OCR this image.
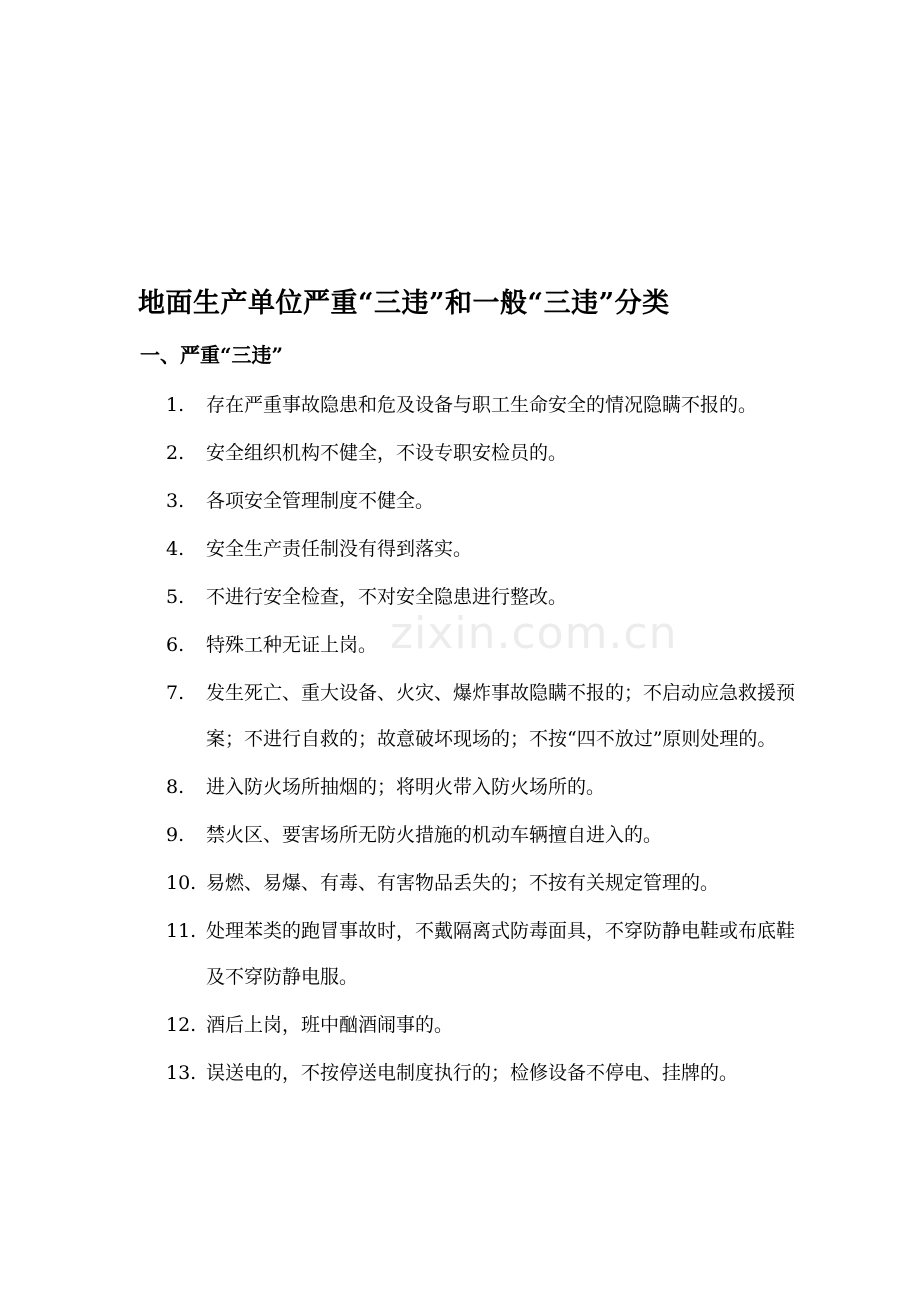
地面生产单位严重“三违”和一般“三违”分类
一、严重“三违”
1.	存在严重事故隐患和危及设备与职工生命安全的情况隐瞒不报的。
2.	安全组织机构不健全，不设专职安检员的。
3.	各项安全管理制度不健全。
4.	安全生产责任制没有得到落实。
5.	不进行安全检查，不对安全隐患进行整改。
6.	特殊工种无证上岗。
7.	发生死亡、重大设备、火灾、爆炸事故隐瞒不报的；不启动应急救援预案；不进行自救的；故意破坏现场的；不按“四不放过”原则处理的。
8.	进入防火场所抽烟的；将明火带入防火场所的。
9.	禁火区、要害场所无防火措施的机动车辆擅自进入的。
10. 易燃、易爆、有毒、有害物品丢失的；不按有关规定管理的。
11. 处理苯类的跑冒事故时，不戴隔离式防毒面具，不穿防静电鞋或布底鞋及不穿防静电服。
12. 酒后上岗，班中酗酒闹事的。
13. 误送电的，不按停送电制度执行的；检修设备不停电、挂牌的。
zixin.com.cn
